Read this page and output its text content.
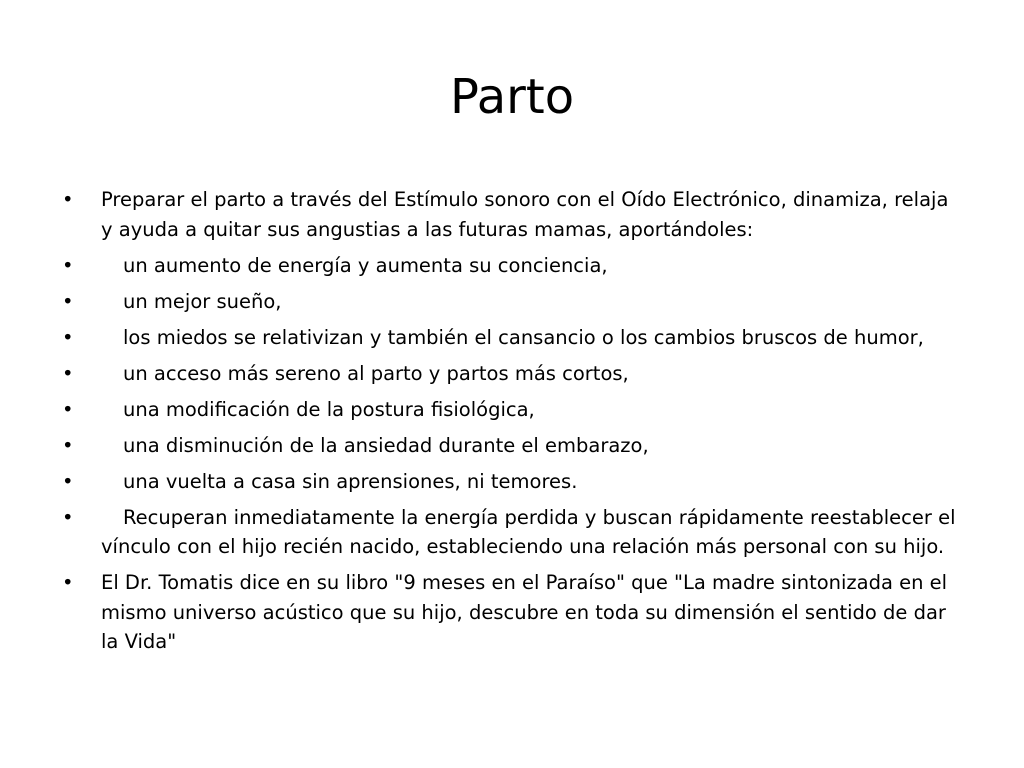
Parto
•	Preparar el parto a través del Estímulo sonoro con el Oído Electrónico, dinamiza, relaja y ayuda a quitar sus angustias a las futuras mamas, aportándoles:
•	un aumento de energía y aumenta su conciencia,
•	un mejor sueño,
•	los miedos se relativizan y también el cansancio o los cambios bruscos de humor,
•	un acceso más sereno al parto y partos más cortos,
•	una modificación de la postura fisiológica,
•	una disminución de la ansiedad durante el embarazo,
•	una vuelta a casa sin aprensiones, ni temores.
•	Recuperan inmediatamente la energía perdida y buscan rápidamente reestablecer el vínculo con el hijo recién nacido, estableciendo una relación más personal con su hijo.
•	El Dr. Tomatis dice en su libro "9 meses en el Paraíso" que "La madre sintonizada en el mismo universo acústico que su hijo, descubre en toda su dimensión el sentido de dar la Vida"
